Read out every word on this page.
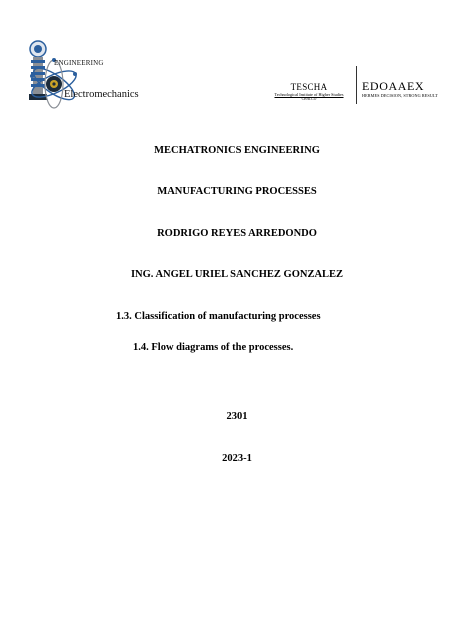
ENGINEERING
Electromechanics
TESCHA
Technological Institute of Higher Studies
CHALCO
EDOAAEX
HERMES DECISION, STRONG RESULT
MECHATRONICS ENGINEERING
MANUFACTURING PROCESSES
RODRIGO REYES ARREDONDO
ING. ANGEL URIEL SANCHEZ GONZALEZ
1.3. Classification of manufacturing processes
1.4. Flow diagrams of the processes.
2301
2023-1
